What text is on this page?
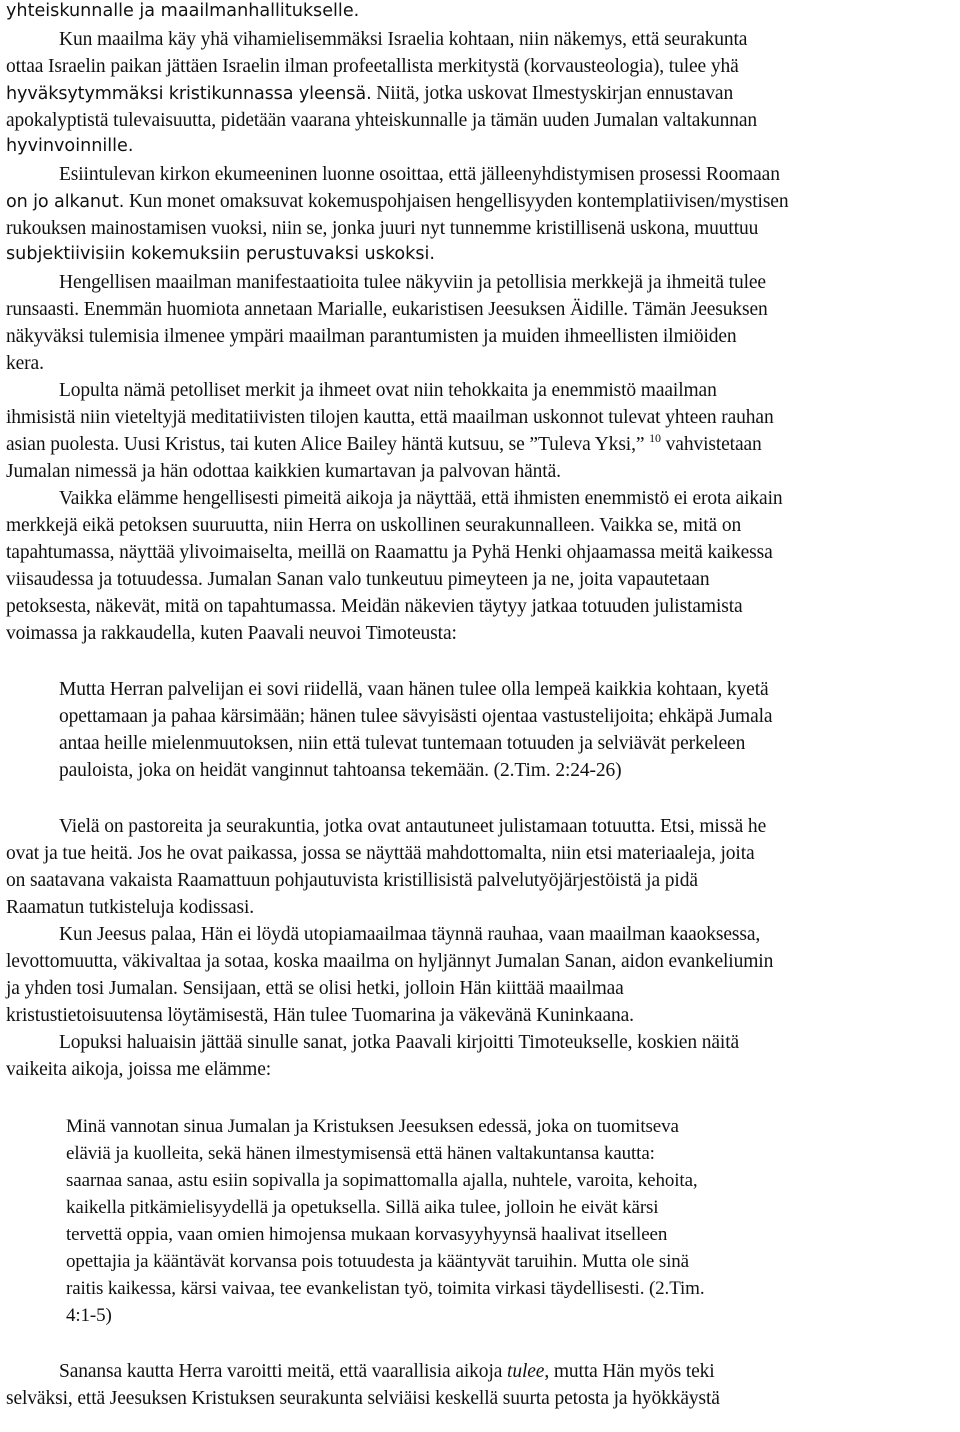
yhteiskunnalle ja maailmanhallitukselle.
Kun maailma käy yhä vihamielisemmäksi Israelia kohtaan, niin näkemys, että seurakunta
ottaa Israelin paikan jättäen Israelin ilman profeetallista merkitystä (korvausteologia), tulee yhä
hyväksytymmäksi kristikunnassa yleensä. Niitä, jotka uskovat Ilmestyskirjan ennustavan
apokalyptistä tulevaisuutta, pidetään vaarana yhteiskunnalle ja tämän uuden Jumalan valtakunnan
hyvinvoinnille.
Esiintulevan kirkon ekumeeninen luonne osoittaa, että jälleenyhdistymisen prosessi Roomaan
on jo alkanut. Kun monet omaksuvat kokemuspohjaisen hengellisyyden kontemplatiivisen/mystisen
rukouksen mainostamisen vuoksi, niin se, jonka juuri nyt tunnemme kristillisenä uskona, muuttuu
subjektiivisiin kokemuksiin perustuvaksi uskoksi.
Hengellisen maailman manifestaatioita tulee näkyviin ja petollisia merkkejä ja ihmeitä tulee
runsaasti. Enemmän huomiota annetaan Marialle, eukaristisen Jeesuksen Äidille. Tämän Jeesuksen
näkyväksi tulemisia ilmenee ympäri maailman parantumisten ja muiden ihmeellisten ilmiöiden
kera.
Lopulta nämä petolliset merkit ja ihmeet ovat niin tehokkaita ja enemmistö maailman
ihmisistä niin vieteltyjä meditatiivisten tilojen kautta, että maailman uskonnot tulevat yhteen rauhan
asian puolesta. Uusi Kristus, tai kuten Alice Bailey häntä kutsuu, se ”Tuleva Yksi,” $^{10}$ vahvistetaan
Jumalan nimessä ja hän odottaa kaikkien kumartavan ja palvovan häntä.
Vaikka elämme hengellisesti pimeitä aikoja ja näyttää, että ihmisten enemmistö ei erota aikain
merkkejä eikä petoksen suuruutta, niin Herra on uskollinen seurakunnalleen. Vaikka se, mitä on
tapahtumassa, näyttää ylivoimaiselta, meillä on Raamattu ja Pyhä Henki ohjaamassa meitä kaikessa
viisaudessa ja totuudessa. Jumalan Sanan valo tunkeutuu pimeyteen ja ne, joita vapautetaan
petoksesta, näkevät, mitä on tapahtumassa. Meidän näkevien täytyy jatkaa totuuden julistamista
voimassa ja rakkaudella, kuten Paavali neuvoi Timoteusta:
Mutta Herran palvelijan ei sovi riidellä, vaan hänen tulee olla lempeä kaikkia kohtaan, kyetä
opettamaan ja pahaa kärsimään; hänen tulee sävyisästi ojentaa vastustelijoita; ehkäpä Jumala
antaa heille mielenmuutoksen, niin että tulevat tuntemaan totuuden ja selviävät perkeleen
pauloista, joka on heidät vanginnut tahtoansa tekemään. (2.Tim. 2:24-26)
Vielä on pastoreita ja seurakuntia, jotka ovat antautuneet julistamaan totuutta. Etsi, missä he
ovat ja tue heitä. Jos he ovat paikassa, jossa se näyttää mahdottomalta, niin etsi materiaaleja, joita
on saatavana vakaista Raamattuun pohjautuvista kristillisistä palvelutyöjärjestöistä ja pidä
Raamatun tutkisteluja kodissasi.
Kun Jeesus palaa, Hän ei löydä utopiamaailmaa täynnä rauhaa, vaan maailman kaaoksessa,
levottomuutta, väkivaltaa ja sotaa, koska maailma on hyljännyt Jumalan Sanan, aidon evankeliumin
ja yhden tosi Jumalan. Sensijaan, että se olisi hetki, jolloin Hän kiittää maailmaa
kristustietoisuutensa löytämisestä, Hän tulee Tuomarina ja väkevänä Kuninkaana.
Lopuksi haluaisin jättää sinulle sanat, jotka Paavali kirjoitti Timoteukselle, koskien näitä
vaikeita aikoja, joissa me elämme:
Minä vannotan sinua Jumalan ja Kristuksen Jeesuksen edessä, joka on tuomitseva
eläviä ja kuolleita, sekä hänen ilmestymisensä että hänen valtakuntansa kautta:
saarnaa sanaa, astu esiin sopivalla ja sopimattomalla ajalla, nuhtele, varoita, kehoita,
kaikella pitkämielisyydellä ja opetuksella. Sillä aika tulee, jolloin he eivät kärsi
tervettä oppia, vaan omien himojensa mukaan korvasyyhyynsä haalivat itselleen
opettajia ja kääntävät korvansa pois totuudesta ja kääntyvät taruihin. Mutta ole sinä
raitis kaikessa, kärsi vaivaa, tee evankelistan työ, toimita virkasi täydellisesti. (2.Tim.
4:1-5)
Sanansa kautta Herra varoitti meitä, että vaarallisia aikoja tulee, mutta Hän myös teki
selväksi, että Jeesuksen Kristuksen seurakunta selviäisi keskellä suurta petosta ja hyökkäystä
